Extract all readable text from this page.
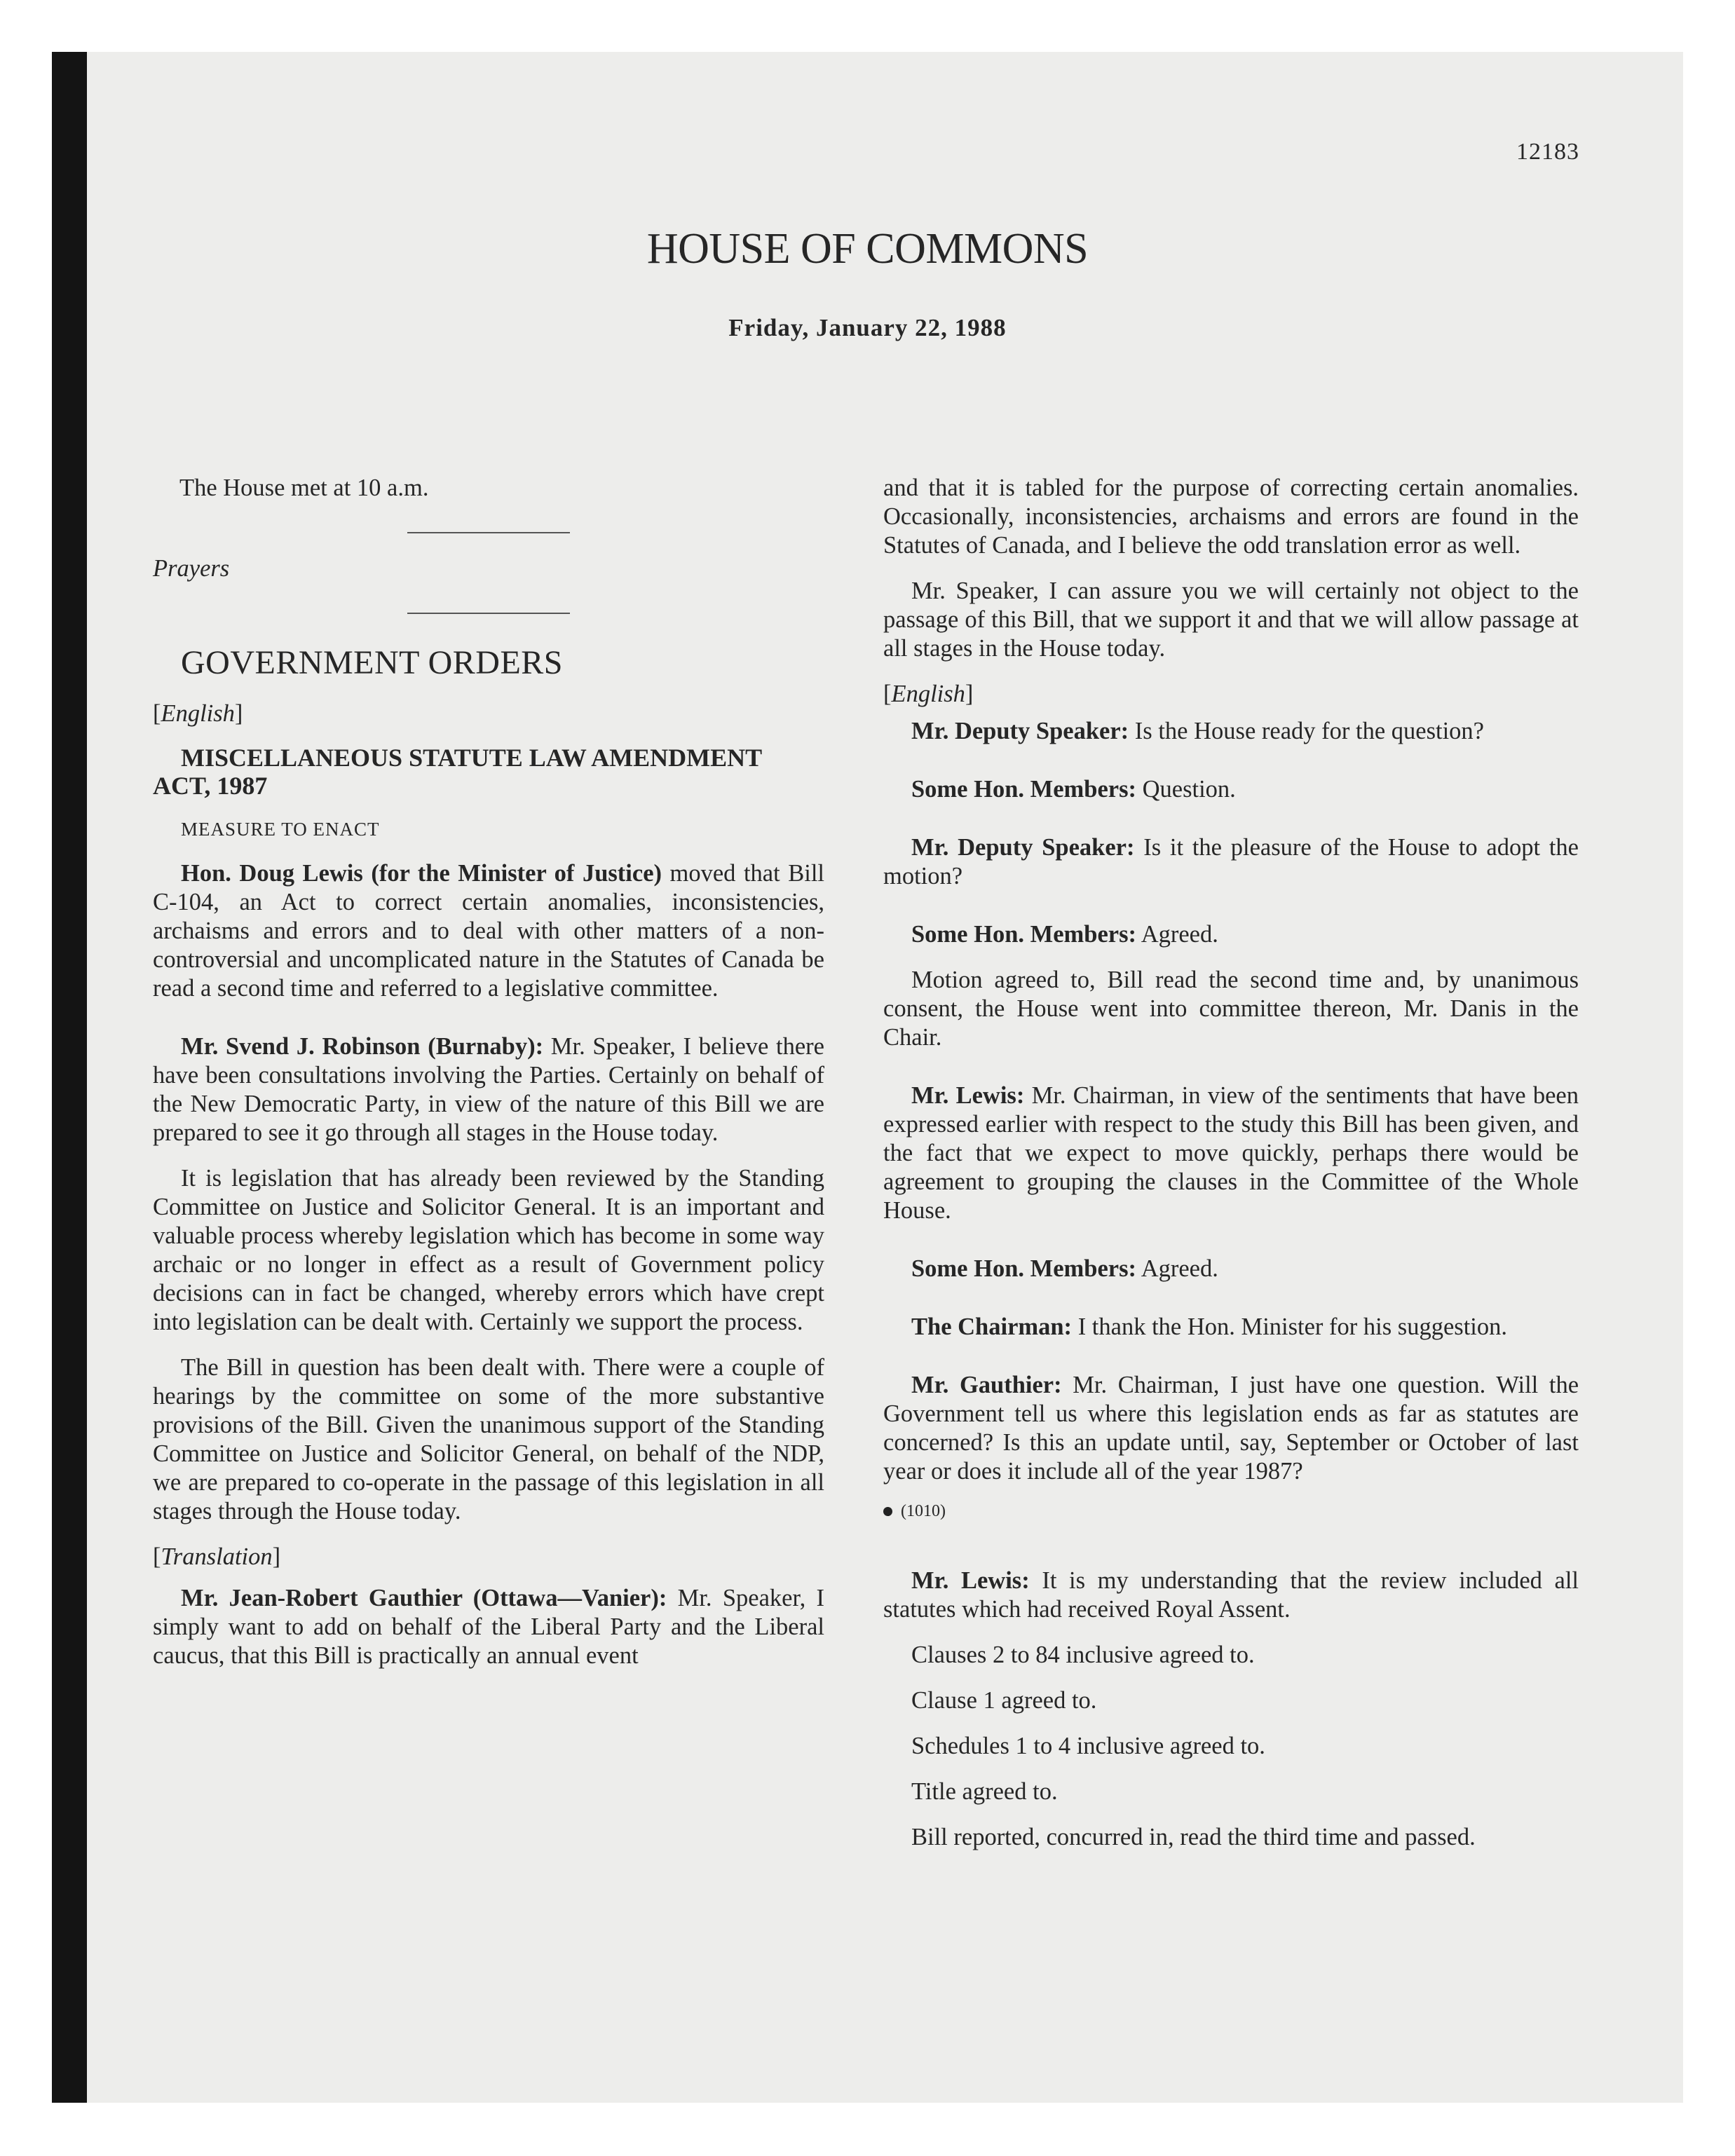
12183
HOUSE OF COMMONS
Friday, January 22, 1988

The House met at 10 a.m.

Prayers

GOVERNMENT ORDERS

[English]

MISCELLANEOUS STATUTE LAW AMENDMENT
ACT, 1987

MEASURE TO ENACT

Hon. Doug Lewis (for the Minister of Justice) moved that Bill C-104, an Act to correct certain anomalies, inconsistencies, archaisms and errors and to deal with other matters of a non-controversial and uncomplicated nature in the Statutes of Canada be read a second time and referred to a legislative committee.

Mr. Svend J. Robinson (Burnaby): Mr. Speaker, I believe there have been consultations involving the Parties. Certainly on behalf of the New Democratic Party, in view of the nature of this Bill we are prepared to see it go through all stages in the House today.

It is legislation that has already been reviewed by the Standing Committee on Justice and Solicitor General. It is an important and valuable process whereby legislation which has become in some way archaic or no longer in effect as a result of Government policy decisions can in fact be changed, whereby errors which have crept into legislation can be dealt with. Certainly we support the process.

The Bill in question has been dealt with. There were a couple of hearings by the committee on some of the more substantive provisions of the Bill. Given the unanimous support of the Standing Committee on Justice and Solicitor General, on behalf of the NDP, we are prepared to co-operate in the passage of this legislation in all stages through the House today.

[Translation]

Mr. Jean-Robert Gauthier (Ottawa—Vanier): Mr. Speaker, I simply want to add on behalf of the Liberal Party and the Liberal caucus, that this Bill is practically an annual event

and that it is tabled for the purpose of correcting certain anomalies. Occasionally, inconsistencies, archaisms and errors are found in the Statutes of Canada, and I believe the odd translation error as well.

Mr. Speaker, I can assure you we will certainly not object to the passage of this Bill, that we support it and that we will allow passage at all stages in the House today.

[English]

Mr. Deputy Speaker: Is the House ready for the question?

Some Hon. Members: Question.

Mr. Deputy Speaker: Is it the pleasure of the House to adopt the motion?

Some Hon. Members: Agreed.

Motion agreed to, Bill read the second time and, by unanimous consent, the House went into committee thereon, Mr. Danis in the Chair.

Mr. Lewis: Mr. Chairman, in view of the sentiments that have been expressed earlier with respect to the study this Bill has been given, and the fact that we expect to move quickly, perhaps there would be agreement to grouping the clauses in the Committee of the Whole House.

Some Hon. Members: Agreed.

The Chairman: I thank the Hon. Minister for his suggestion.

Mr. Gauthier: Mr. Chairman, I just have one question. Will the Government tell us where this legislation ends as far as statutes are concerned? Is this an update until, say, September or October of last year or does it include all of the year 1987?

(1010)

Mr. Lewis: It is my understanding that the review included all statutes which had received Royal Assent.

Clauses 2 to 84 inclusive agreed to.

Clause 1 agreed to.

Schedules 1 to 4 inclusive agreed to.

Title agreed to.

Bill reported, concurred in, read the third time and passed.
